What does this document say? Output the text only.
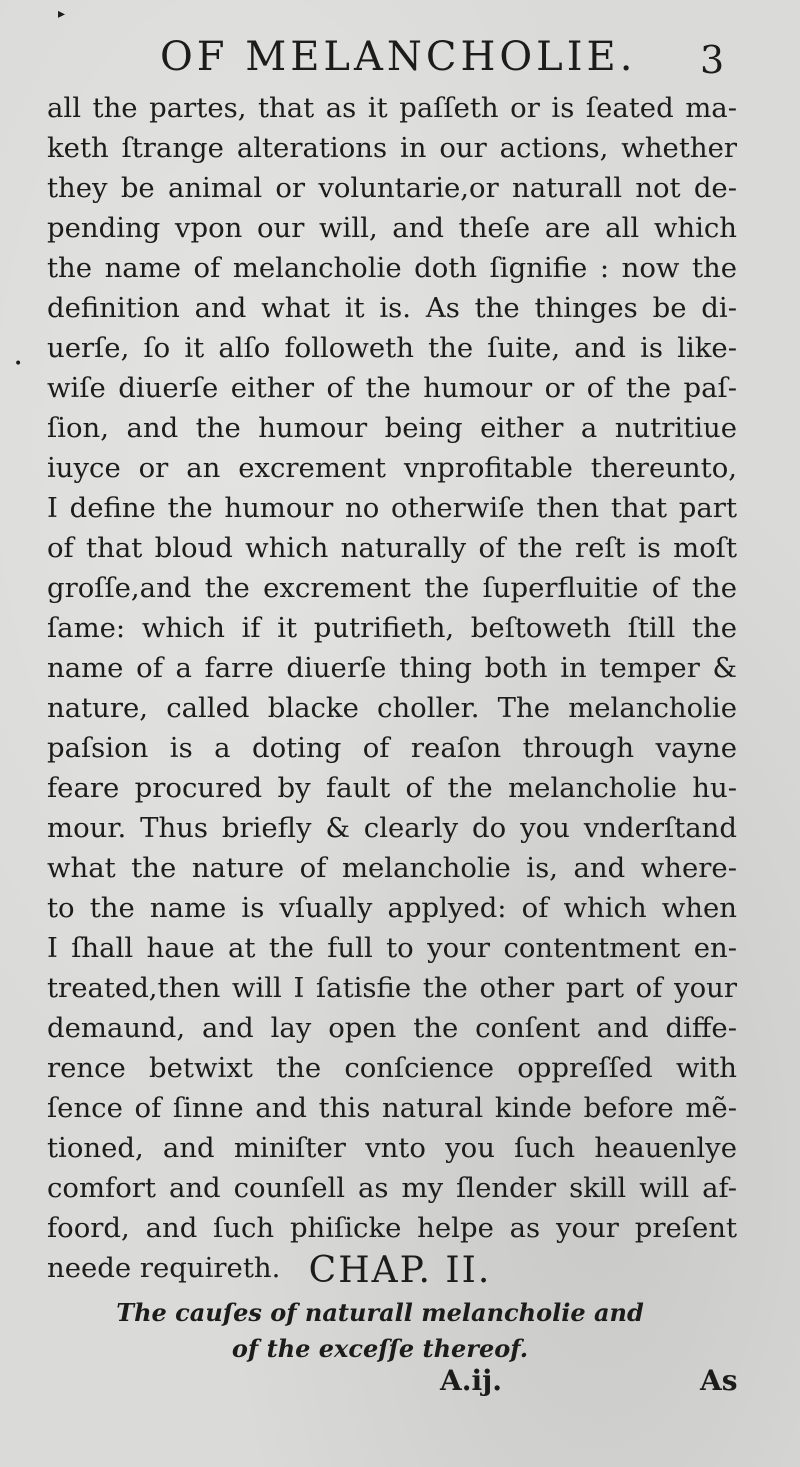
▸
•
OF MELANCHOLIE. 3
all the partes, that as it paſſeth or is ſeated ma-
keth ſtrange alterations in our actions, whether
they be animal or voluntarie,or naturall not de-
pending vpon our will, and theſe are all which
the name of melancholie doth ſignifie : now the
definition and what it is. As the thinges be di-
uerſe, ſo it alſo followeth the ſuite, and is like-
wiſe diuerſe either of the humour or of the paſ-
ſion, and the humour being either a nutritiue
iuyce or an excrement vnprofitable thereunto,
I define the humour no otherwiſe then that part
of that bloud which naturally of the reſt is moſt
groſſe,and the excrement the ſuperfluitie of the
ſame: which if it putrifieth, beſtoweth ſtill the
name of a farre diuerſe thing both in temper &
nature, called blacke choller. The melancholie
paſsion is a doting of reaſon through vayne
feare procured by fault of the melancholie hu-
mour. Thus briefly & clearly do you vnderſtand
what the nature of melancholie is, and where-
to the name is vſually applyed: of which when
I ſhall haue at the full to your contentment en-
treated,then will I ſatisfie the other part of your
demaund, and lay open the conſent and diffe-
rence betwixt the conſcience oppreſſed with
ſence of ſinne and this natural kinde before mẽ-
tioned, and miniſter vnto you ſuch heauenlye
comfort and counſell as my ſlender skill will af-
foord, and ſuch phiſicke helpe as your preſent
neede requireth. CHAP. II.
The cauſes of naturall melancholie and
of the exceſſe thereof.
A.ij.	As
